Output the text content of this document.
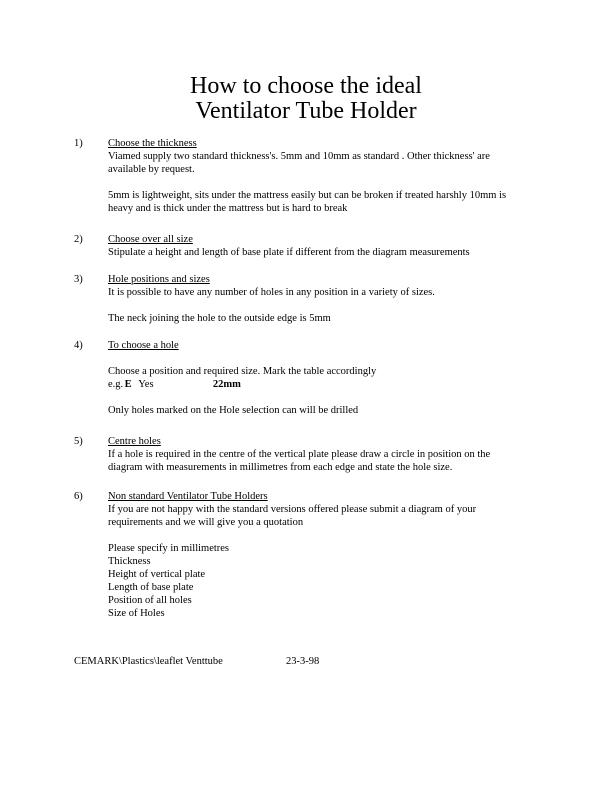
How to choose the ideal
Ventilator Tube Holder
1) Choose the thickness
Viamed supply two standard thickness's. 5mm and 10mm as standard . Other thickness' are
available by request.
5mm is lightweight, sits under the mattress easily but can be broken if treated harshly 10mm is
heavy and is thick under the mattress but is hard to break
2) Choose over all size
Stipulate a height and length of base plate if different from the diagram measurements
3) Hole positions and sizes
It is possible to have any number of holes in any position in a variety of sizes.
The neck joining the hole to the outside edge is 5mm
4) To choose a hole
Choose a position and required size. Mark the table accordingly
e.g. E Yes	22mm
Only holes marked on the Hole selection can will be drilled
5) Centre holes
If a hole is required in the centre of the vertical plate please draw a circle in position on the
diagram with measurements in millimetres from each edge and state the hole size.
6) Non standard Ventilator Tube Holders
If you are not happy with the standard versions offered please submit a diagram of your
requirements and we will give you a quotation
Please specify in millimetres
Thickness
Height of vertical plate
Length of base plate
Position of all holes
Size of Holes
CEMARK\Plastics\leaflet Venttube	23-3-98
